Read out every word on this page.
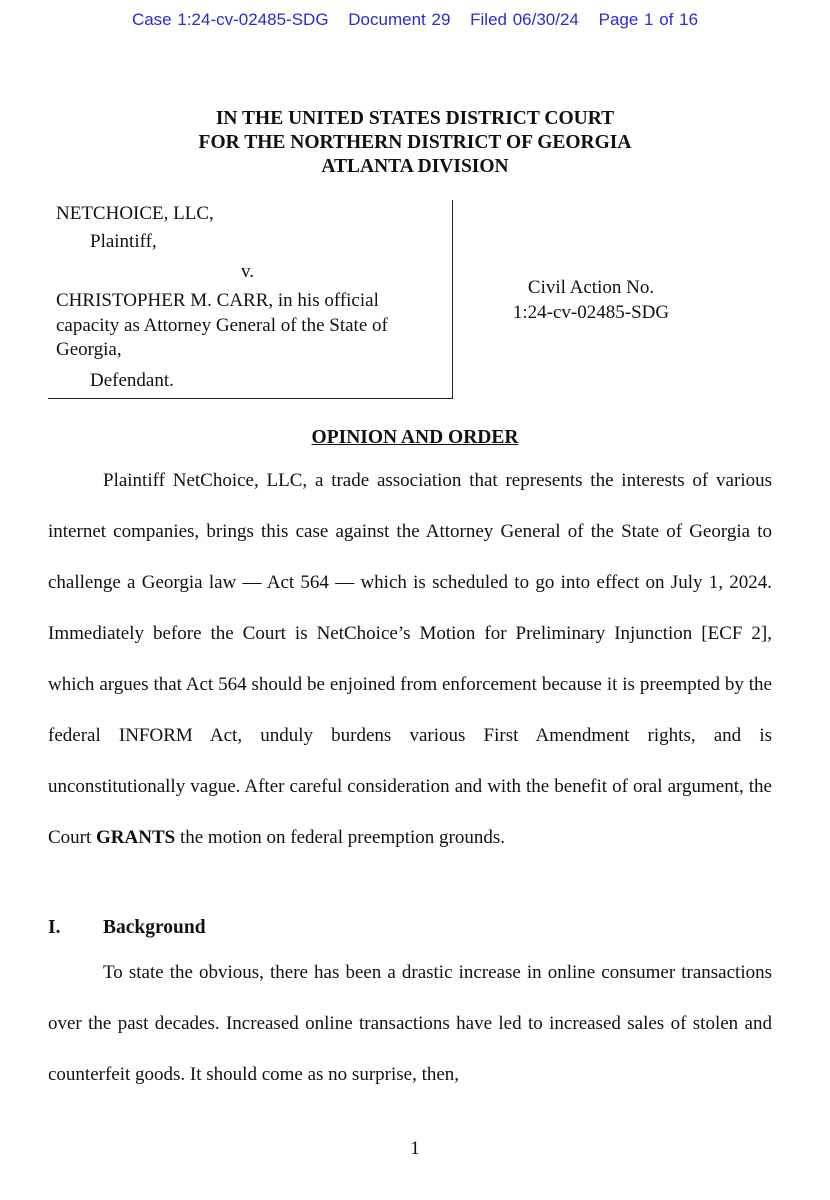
Case 1:24-cv-02485-SDG Document 29 Filed 06/30/24 Page 1 of 16
IN THE UNITED STATES DISTRICT COURT
FOR THE NORTHERN DISTRICT OF GEORGIA
ATLANTA DIVISION
NETCHOICE, LLC,
Plaintiff,
v.
CHRISTOPHER M. CARR, in his official capacity as Attorney General of the State of Georgia,
Defendant.
Civil Action No.
1:24-cv-02485-SDG
OPINION AND ORDER
Plaintiff NetChoice, LLC, a trade association that represents the interests of various internet companies, brings this case against the Attorney General of the State of Georgia to challenge a Georgia law — Act 564 — which is scheduled to go into effect on July 1, 2024. Immediately before the Court is NetChoice’s Motion for Preliminary Injunction [ECF 2], which argues that Act 564 should be enjoined from enforcement because it is preempted by the federal INFORM Act, unduly burdens various First Amendment rights, and is unconstitutionally vague. After careful consideration and with the benefit of oral argument, the Court GRANTS the motion on federal preemption grounds.
I. Background
To state the obvious, there has been a drastic increase in online consumer transactions over the past decades. Increased online transactions have led to increased sales of stolen and counterfeit goods. It should come as no surprise, then,
1
